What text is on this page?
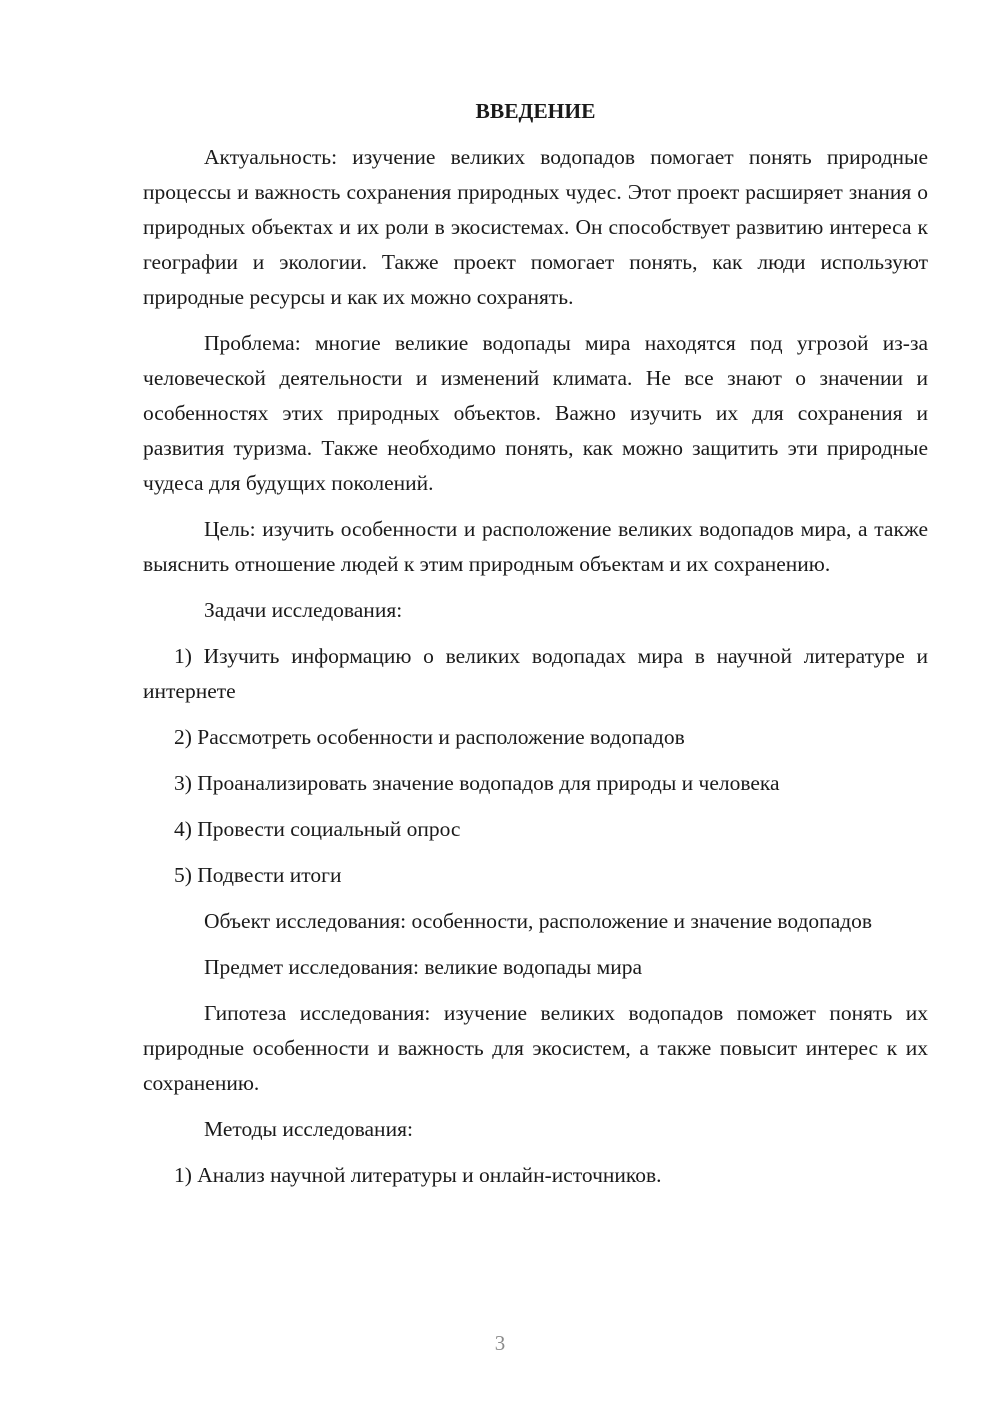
ВВЕДЕНИЕ

Актуальность: изучение великих водопадов помогает понять природные процессы и важность сохранения природных чудес. Этот проект расширяет знания о природных объектах и их роли в экосистемах. Он способствует развитию интереса к географии и экологии. Также проект помогает понять, как люди используют природные ресурсы и как их можно сохранять.

Проблема: многие великие водопады мира находятся под угрозой из-за человеческой деятельности и изменений климата. Не все знают о значении и особенностях этих природных объектов. Важно изучить их для сохранения и развития туризма. Также необходимо понять, как можно защитить эти природные чудеса для будущих поколений.

Цель: изучить особенности и расположение великих водопадов мира, а также выяснить отношение людей к этим природным объектам и их сохранению.

Задачи исследования:

1) Изучить информацию о великих водопадах мира в научной литературе и интернете

2) Рассмотреть особенности и расположение водопадов

3) Проанализировать значение водопадов для природы и человека

4) Провести социальный опрос

5) Подвести итоги

Объект исследования: особенности, расположение и значение водопадов

Предмет исследования: великие водопады мира

Гипотеза исследования: изучение великих водопадов поможет понять их природные особенности и важность для экосистем, а также повысит интерес к их сохранению.

Методы исследования:

1) Анализ научной литературы и онлайн-источников.

3
